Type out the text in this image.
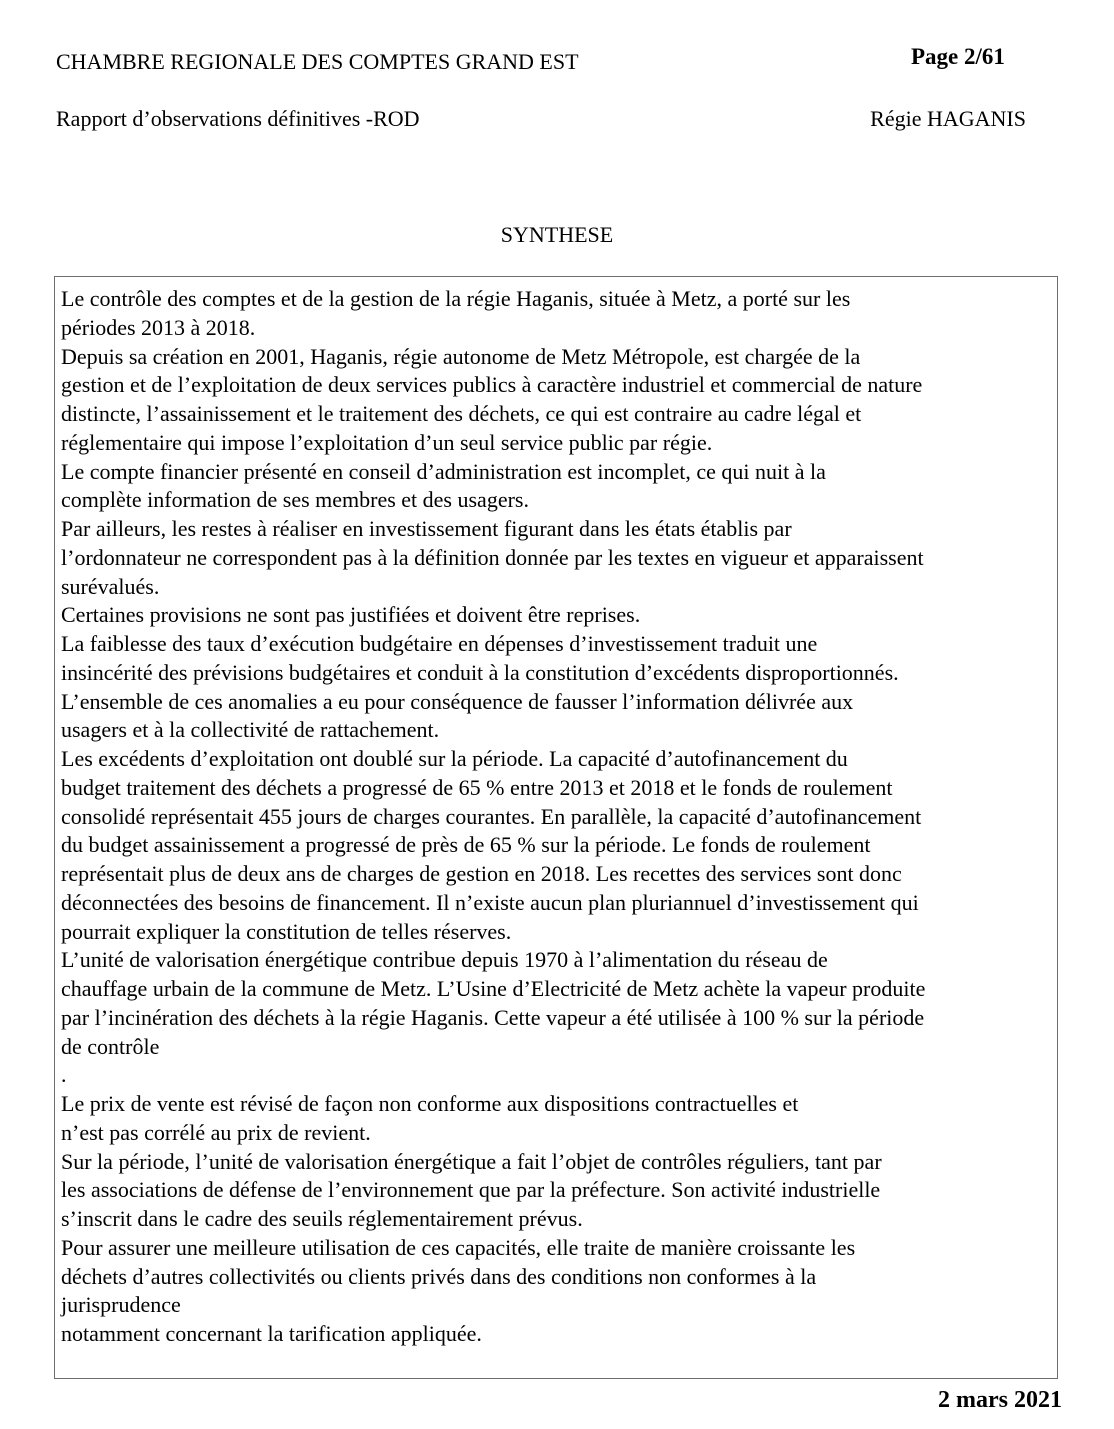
CHAMBRE REGIONALE DES COMPTES GRAND EST	Page 2/61
Rapport d’observations définitives -ROD	Régie HAGANIS
SYNTHESE
Le contrôle des comptes et de la gestion de la régie Haganis, située à Metz, a porté sur les
périodes 2013 à 2018.
Depuis sa création en 2001, Haganis, régie autonome de Metz Métropole, est chargée de la
gestion et de l’exploitation de deux services publics à caractère industriel et commercial de nature
distincte, l’assainissement et le traitement des déchets, ce qui est contraire au cadre légal et
réglementaire qui impose l’exploitation d’un seul service public par régie.
Le compte financier présenté en conseil d’administration est incomplet, ce qui nuit à la
complète information de ses membres et des usagers.
Par ailleurs, les restes à réaliser en investissement figurant dans les états établis par
l’ordonnateur ne correspondent pas à la définition donnée par les textes en vigueur et apparaissent
surévalués.
Certaines provisions ne sont pas justifiées et doivent être reprises.
La faiblesse des taux d’exécution budgétaire en dépenses d’investissement traduit une
insincérité des prévisions budgétaires et conduit à la constitution d’excédents disproportionnés.
L’ensemble de ces anomalies a eu pour conséquence de fausser l’information délivrée aux
usagers et à la collectivité de rattachement.
Les excédents d’exploitation ont doublé sur la période. La capacité d’autofinancement du
budget traitement des déchets a progressé de 65 % entre 2013 et 2018 et le fonds de roulement
consolidé représentait 455 jours de charges courantes. En parallèle, la capacité d’autofinancement
du budget assainissement a progressé de près de 65 % sur la période. Le fonds de roulement
représentait plus de deux ans de charges de gestion en 2018. Les recettes des services sont donc
déconnectées des besoins de financement. Il n’existe aucun plan pluriannuel d’investissement qui
pourrait expliquer la constitution de telles réserves.
L’unité de valorisation énergétique contribue depuis 1970 à l’alimentation du réseau de
chauffage urbain de la commune de Metz. L’Usine d’Electricité de Metz achète la vapeur produite
par l’incinération des déchets à la régie Haganis. Cette vapeur a été utilisée à 100 % sur la période
de contrôle
.
Le prix de vente est révisé de façon non conforme aux dispositions contractuelles et
n’est pas corrélé au prix de revient.
Sur la période, l’unité de valorisation énergétique a fait l’objet de contrôles réguliers, tant par
les associations de défense de l’environnement que par la préfecture. Son activité industrielle
s’inscrit dans le cadre des seuils réglementairement prévus.
Pour assurer une meilleure utilisation de ces capacités, elle traite de manière croissante les
déchets d’autres collectivités ou clients privés dans des conditions non conformes à la
jurisprudence
notamment concernant la tarification appliquée.
2 mars 2021
